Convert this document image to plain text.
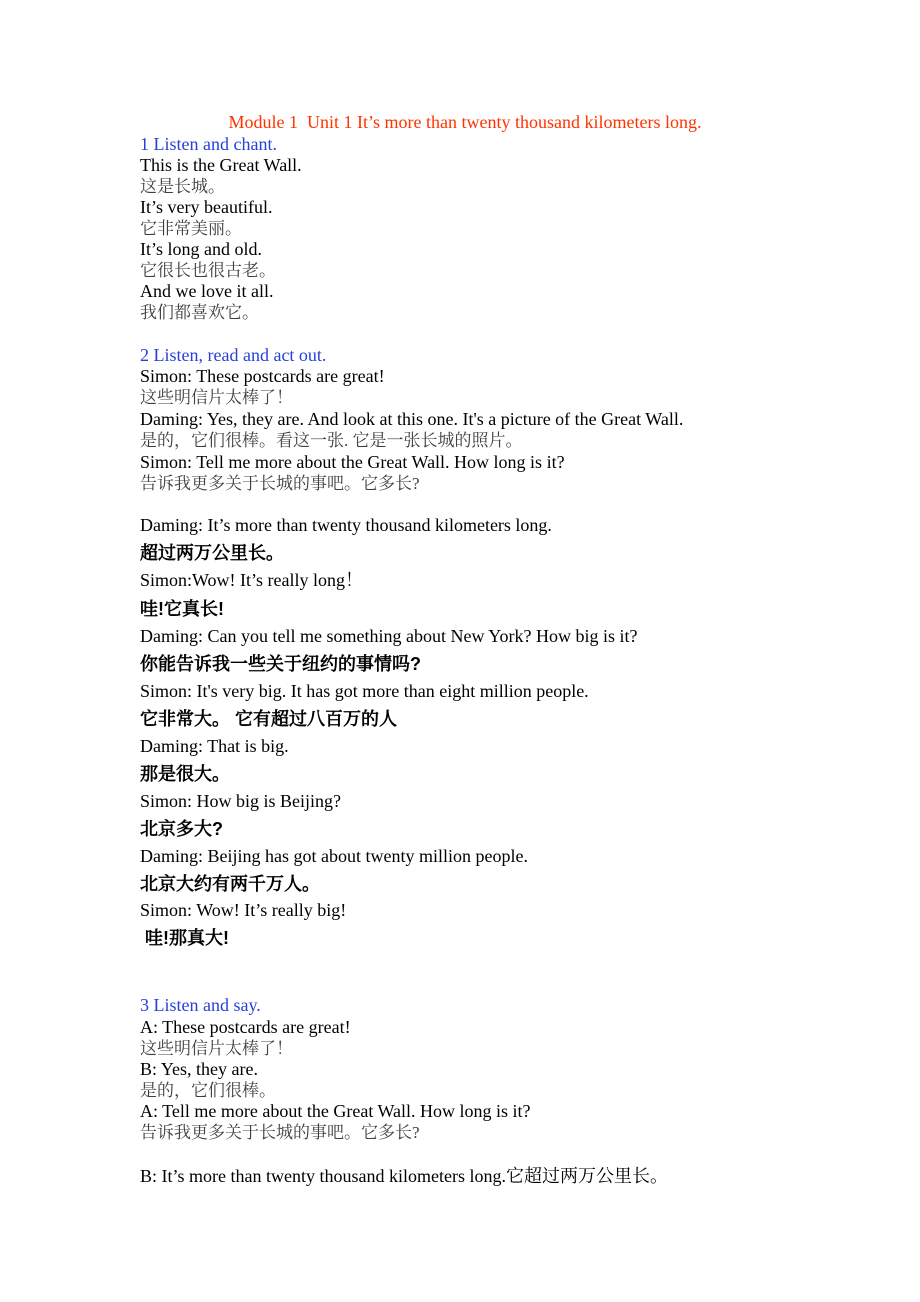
Module 1  Unit 1 It’s more than twenty thousand kilometers long.

1 Listen and chant.

This is the Great Wall.

这是长城。

It’s very beautiful.

它非常美丽。

It’s long and old.

它很长也很古老。

And we love it all.

我们都喜欢它。

2 Listen, read and act out.

Simon: These postcards are great!

这些明信片太棒了！

Daming: Yes, they are. And look at this one. It's a picture of the Great Wall.

是的，它们很棒。看这一张. 它是一张长城的照片。

Simon: Tell me more about the Great Wall. How long is it?

告诉我更多关于长城的事吧。它多长?

Daming: It’s more than twenty thousand kilometers long.

超过两万公里长。

Simon:Wow! It’s really long！

哇!它真长!

Daming: Can you tell me something about New York? How big is it?

你能告诉我一些关于纽约的事情吗?

Simon: It's very big. It has got more than eight million people.

它非常大。 它有超过八百万的人

Daming: That is big.

那是很大。

Simon: How big is Beijing?

北京多大?

Daming: Beijing has got about twenty million people.

北京大约有两千万人。

Simon: Wow! It’s really big!

哇!那真大!

3 Listen and say.

A: These postcards are great!

这些明信片太棒了！

B: Yes, they are.

是的，它们很棒。

A: Tell me more about the Great Wall. How long is it?

告诉我更多关于长城的事吧。它多长?

B: It’s more than twenty thousand kilometers long.它超过两万公里长。
